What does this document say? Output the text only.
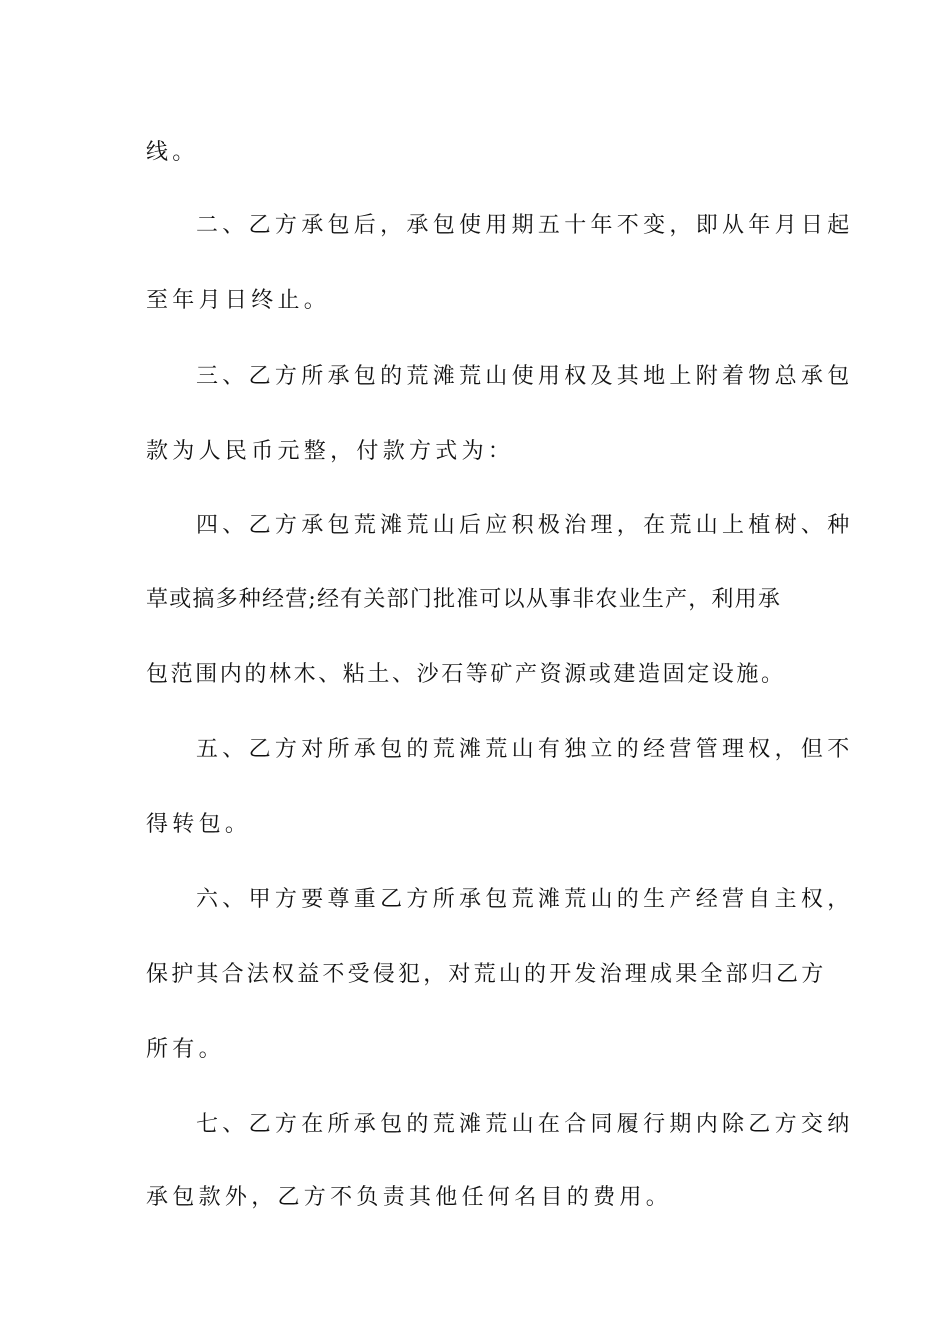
线。
二、乙方承包后，承包使用期五十年不变，即从年月日起
至年月日终止。
三、乙方所承包的荒滩荒山使用权及其地上附着物总承包
款为人民币元整，付款方式为：
四、乙方承包荒滩荒山后应积极治理，在荒山上植树、种
草或搞多种经营;经有关部门批准可以从事非农业生产，利用承
包范围内的林木、粘土、沙石等矿产资源或建造固定设施。
五、乙方对所承包的荒滩荒山有独立的经营管理权，但不
得转包。
六、甲方要尊重乙方所承包荒滩荒山的生产经营自主权，
保护其合法权益不受侵犯，对荒山的开发治理成果全部归乙方
所有。
七、乙方在所承包的荒滩荒山在合同履行期内除乙方交纳
承包款外，乙方不负责其他任何名目的费用。
